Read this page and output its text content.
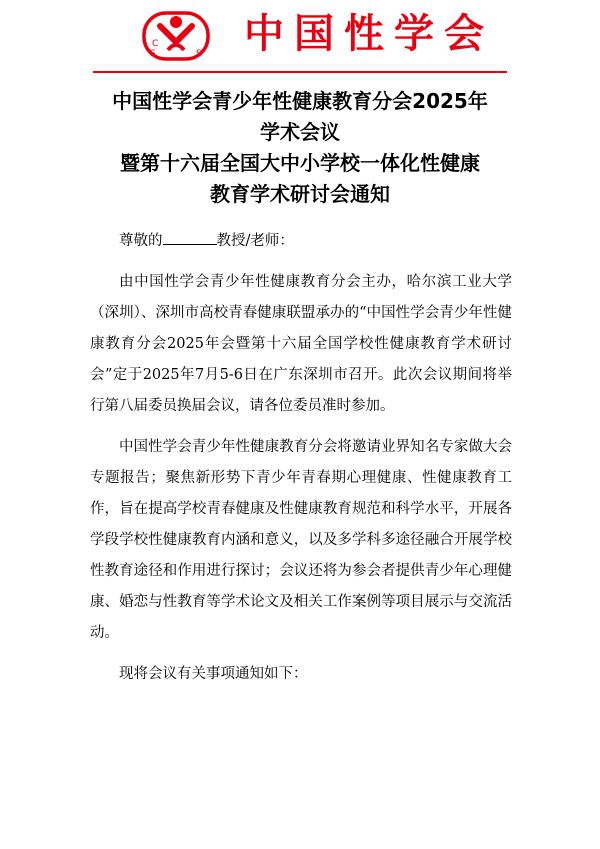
C
S	S 中国性学会
中国性学会青少年性健康教育分会2025年
学术会议
暨第十六届全国大中小学校一体化性健康
教育学术研讨会通知

尊敬的	教授/老师：

由中国性学会青少年性健康教育分会主办，哈尔滨工业大学（深圳）、深圳市高校青春健康联盟承办的“中国性学会青少年性健康教育分会2025年会暨第十六届全国学校性健康教育学术研讨会”定于2025年7月5-6日在广东深圳市召开。此次会议期间将举行第八届委员换届会议，请各位委员准时参加。

中国性学会青少年性健康教育分会将邀请业界知名专家做大会专题报告；聚焦新形势下青少年青春期心理健康、性健康教育工作，旨在提高学校青春健康及性健康教育规范和科学水平，开展各学段学校性健康教育内涵和意义，以及多学科多途径融合开展学校性教育途径和作用进行探讨；会议还将为参会者提供青少年心理健康、婚恋与性教育等学术论文及相关工作案例等项目展示与交流活动。

现将会议有关事项通知如下：
